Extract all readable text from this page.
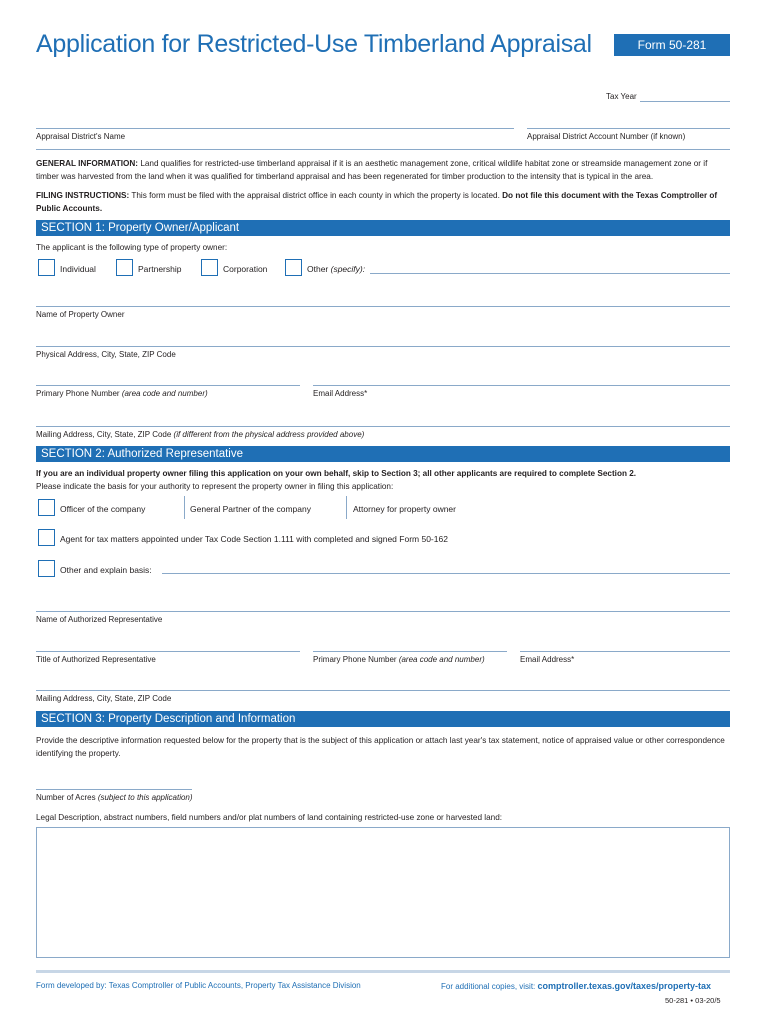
Application for Restricted-Use Timberland Appraisal	Form 50-281
Tax Year
Appraisal District's Name	Appraisal District Account Number (if known)
GENERAL INFORMATION: Land qualifies for restricted-use timberland appraisal if it is an aesthetic management zone, critical wildlife habitat zone or streamside management zone or if timber was harvested from the land when it was qualified for timberland appraisal and has been regenerated for timber production to the intensity that is typical in the area.
FILING INSTRUCTIONS: This form must be filed with the appraisal district office in each county in which the property is located. Do not file this document with the Texas Comptroller of Public Accounts.
SECTION 1: Property Owner/Applicant
The applicant is the following type of property owner:
Individual	Partnership	Corporation	Other (specify):
Name of Property Owner
Physical Address, City, State, ZIP Code
Primary Phone Number (area code and number)	Email Address*
Mailing Address, City, State, ZIP Code (if different from the physical address provided above)
SECTION 2: Authorized Representative
If you are an individual property owner filing this application on your own behalf, skip to Section 3; all other applicants are required to complete Section 2.
Please indicate the basis for your authority to represent the property owner in filing this application:
Officer of the company	General Partner of the company	Attorney for property owner
Agent for tax matters appointed under Tax Code Section 1.111 with completed and signed Form 50-162
Other and explain basis:
Name of Authorized Representative
Title of Authorized Representative	Primary Phone Number (area code and number)	Email Address*
Mailing Address, City, State, ZIP Code
SECTION 3: Property Description and Information
Provide the descriptive information requested below for the property that is the subject of this application or attach last year's tax statement, notice of appraised value or other correspondence identifying the property.
Number of Acres (subject to this application)
Legal Description, abstract numbers, field numbers and/or plat numbers of land containing restricted-use zone or harvested land:
Form developed by: Texas Comptroller of Public Accounts, Property Tax Assistance Division	For additional copies, visit: comptroller.texas.gov/taxes/property-tax
50-281 • 03-20/5
